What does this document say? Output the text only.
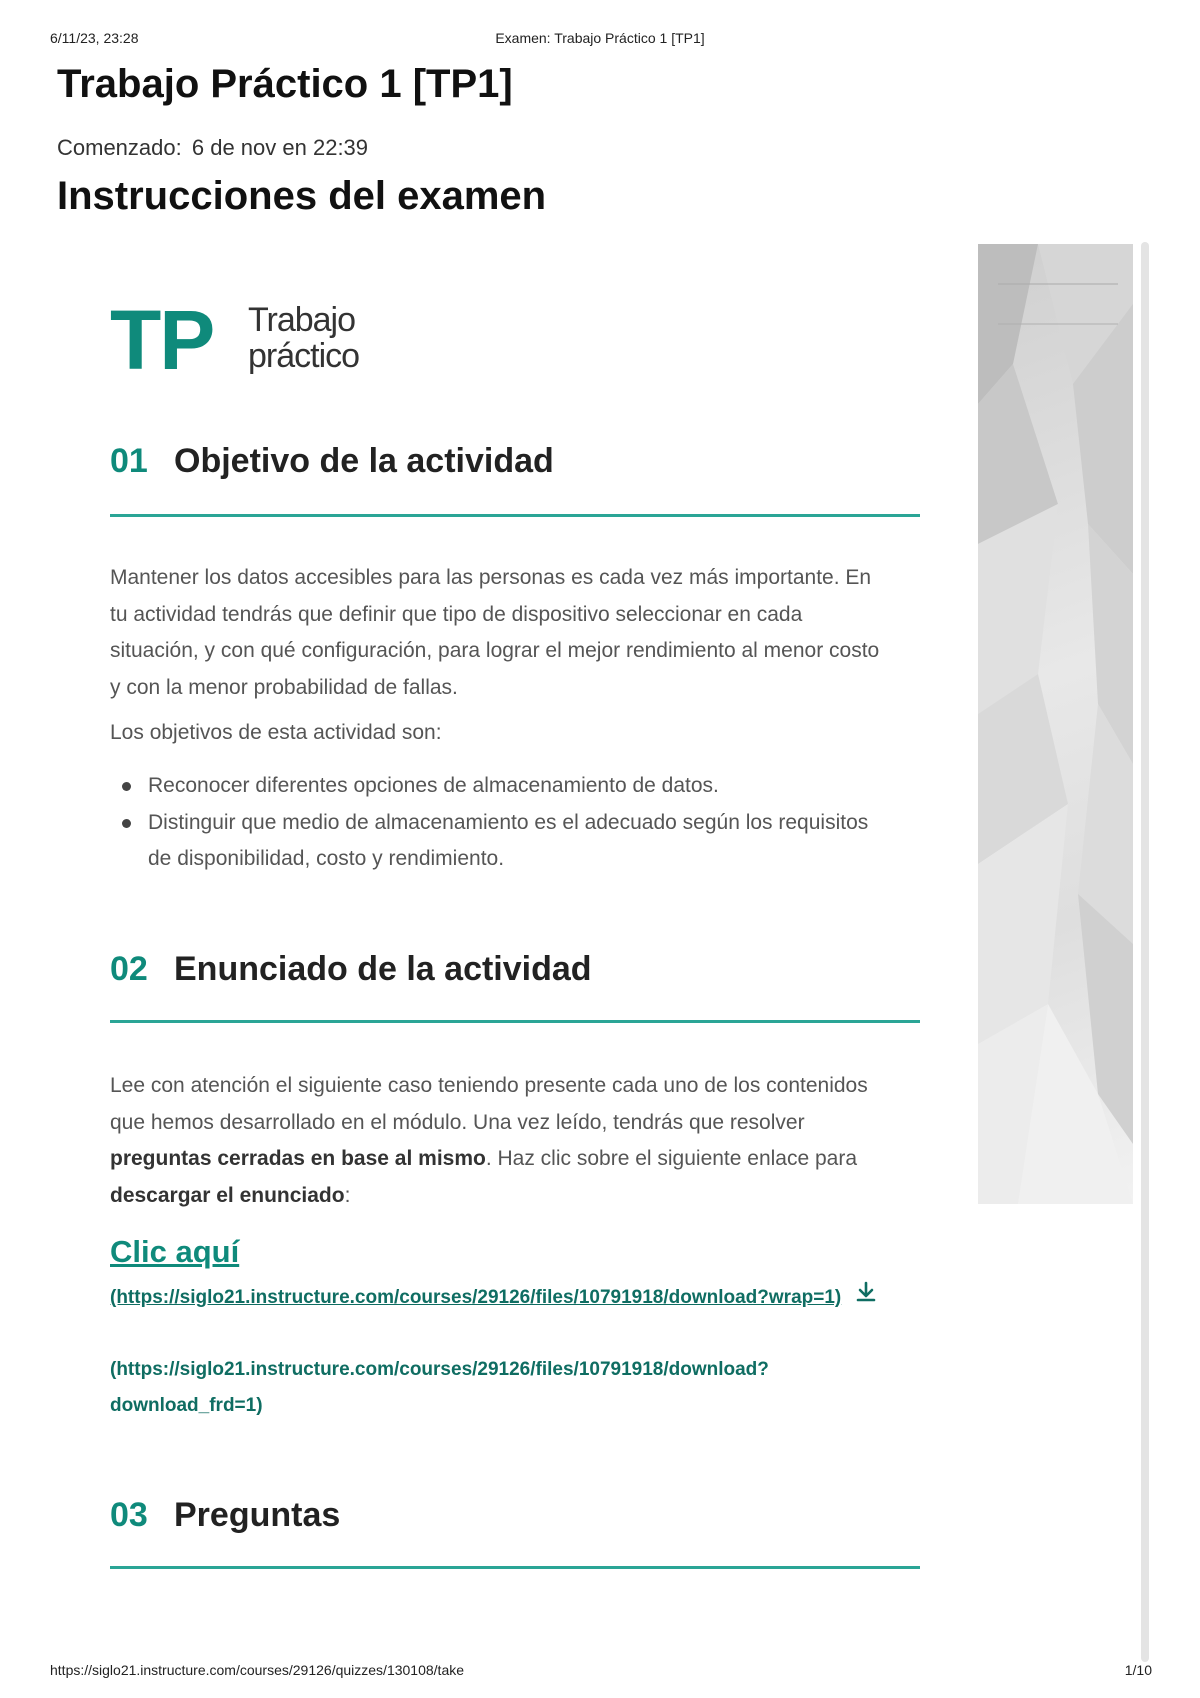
6/11/23, 23:28	Examen: Trabajo Práctico 1 [TP1]
Trabajo Práctico 1 [TP1]
Comenzado: 6 de nov en 22:39
Instrucciones del examen
TP Trabajo
práctico
01 Objetivo de la actividad

Mantener los datos accesibles para las personas es cada vez más importante. En tu actividad tendrás que definir que tipo de dispositivo seleccionar en cada situación, y con qué configuración, para lograr el mejor rendimiento al menor costo y con la menor probabilidad de fallas.

Los objetivos de esta actividad son:

Reconocer diferentes opciones de almacenamiento de datos.
Distinguir que medio de almacenamiento es el adecuado según los requisitos de disponibilidad, costo y rendimiento.
02 Enunciado de la actividad

Lee con atención el siguiente caso teniendo presente cada uno de los contenidos que hemos desarrollado en el módulo. Una vez leído, tendrás que resolver preguntas cerradas en base al mismo. Haz clic sobre el siguiente enlace para descargar el enunciado:

Clic aquí
(https://siglo21.instructure.com/courses/29126/files/10791918/download?wrap=1)
(https://siglo21.instructure.com/courses/29126/files/10791918/download?download_frd=1)
03 Preguntas
https://siglo21.instructure.com/courses/29126/quizzes/130108/take	1/10
